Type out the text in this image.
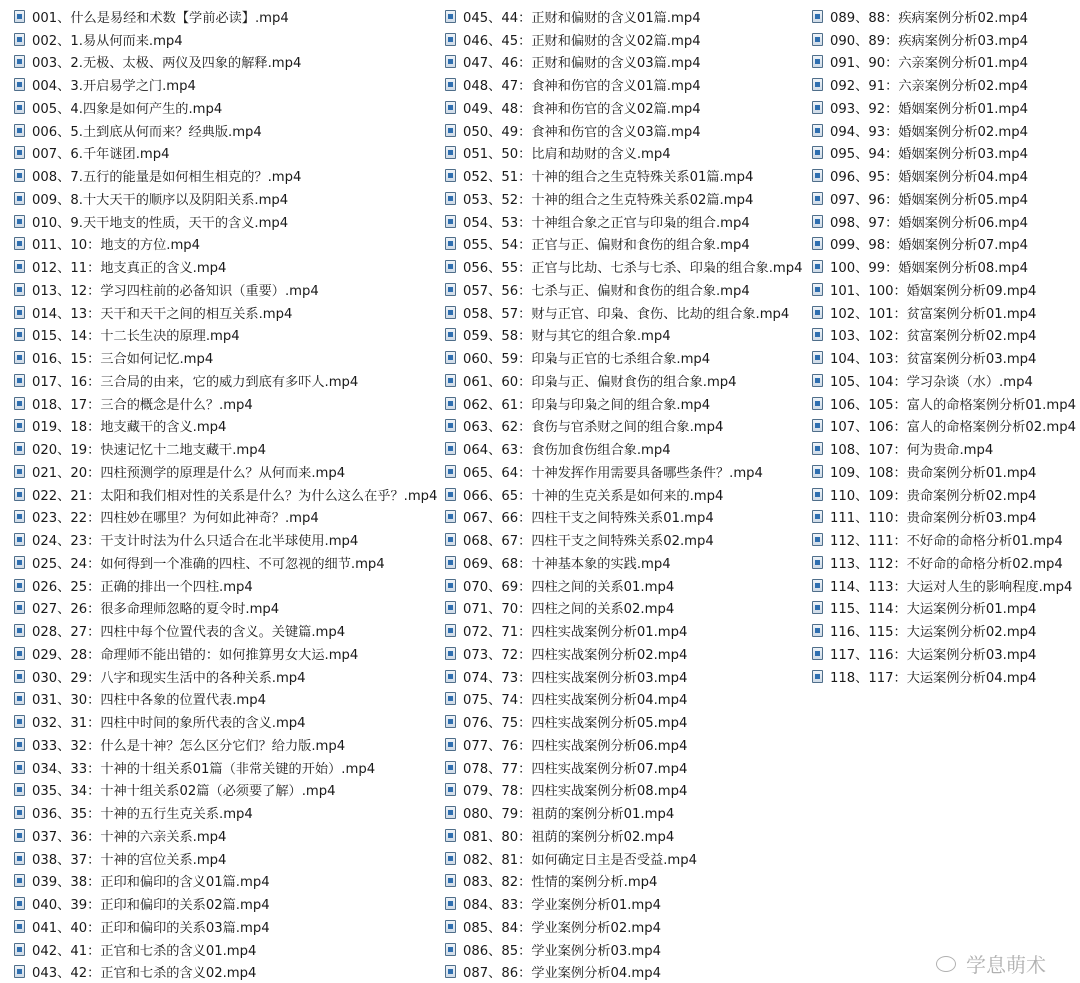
001、什么是易经和术数【学前必读】.mp4
002、1.易从何而来.mp4
003、2.无极、太极、两仪及四象的解释.mp4
004、3.开启易学之门.mp4
005、4.四象是如何产生的.mp4
006、5.土到底从何而来？经典版.mp4
007、6.千年谜团.mp4
008、7.五行的能量是如何相生相克的？.mp4
009、8.十大天干的顺序以及阴阳关系.mp4
010、9.天干地支的性质，天干的含义.mp4
011、10：地支的方位.mp4
012、11：地支真正的含义.mp4
013、12：学习四柱前的必备知识（重要）.mp4
014、13：天干和天干之间的相互关系.mp4
015、14：十二长生决的原理.mp4
016、15：三合如何记忆.mp4
017、16：三合局的由来，它的威力到底有多吓人.mp4
018、17：三合的概念是什么？.mp4
019、18：地支藏干的含义.mp4
020、19：快速记忆十二地支藏干.mp4
021、20：四柱预测学的原理是什么？从何而来.mp4
022、21：太阳和我们相对性的关系是什么？为什么这么在乎？.mp4
023、22：四柱妙在哪里？为何如此神奇？.mp4
024、23：干支计时法为什么只适合在北半球使用.mp4
025、24：如何得到一个准确的四柱、不可忽视的细节.mp4
026、25：正确的排出一个四柱.mp4
027、26：很多命理师忽略的夏令时.mp4
028、27：四柱中每个位置代表的含义。关键篇.mp4
029、28：命理师不能出错的：如何推算男女大运.mp4
030、29：八字和现实生活中的各种关系.mp4
031、30：四柱中各象的位置代表.mp4
032、31：四柱中时间的象所代表的含义.mp4
033、32：什么是十神？怎么区分它们？给力版.mp4
034、33：十神的十组关系01篇（非常关键的开始）.mp4
035、34：十神十组关系02篇（必须要了解）.mp4
036、35：十神的五行生克关系.mp4
037、36：十神的六亲关系.mp4
038、37：十神的宫位关系.mp4
039、38：正印和偏印的含义01篇.mp4
040、39：正印和偏印的关系02篇.mp4
041、40：正印和偏印的关系03篇.mp4
042、41：正官和七杀的含义01.mp4
043、42：正官和七杀的含义02.mp4
045、44：正财和偏财的含义01篇.mp4
046、45：正财和偏财的含义02篇.mp4
047、46：正财和偏财的含义03篇.mp4
048、47：食神和伤官的含义01篇.mp4
049、48：食神和伤官的含义02篇.mp4
050、49：食神和伤官的含义03篇.mp4
051、50：比肩和劫财的含义.mp4
052、51：十神的组合之生克特殊关系01篇.mp4
053、52：十神的组合之生克特殊关系02篇.mp4
054、53：十神组合象之正官与印枭的组合.mp4
055、54：正官与正、偏财和食伤的组合象.mp4
056、55：正官与比劫、七杀与七杀、印枭的组合象.mp4
057、56：七杀与正、偏财和食伤的组合象.mp4
058、57：财与正官、印枭、食伤、比劫的组合象.mp4
059、58：财与其它的组合象.mp4
060、59：印枭与正官的七杀组合象.mp4
061、60：印枭与正、偏财食伤的组合象.mp4
062、61：印枭与印枭之间的组合象.mp4
063、62：食伤与官杀财之间的组合象.mp4
064、63：食伤加食伤组合象.mp4
065、64：十神发挥作用需要具备哪些条件？.mp4
066、65：十神的生克关系是如何来的.mp4
067、66：四柱干支之间特殊关系01.mp4
068、67：四柱干支之间特殊关系02.mp4
069、68：十神基本象的实践.mp4
070、69：四柱之间的关系01.mp4
071、70：四柱之间的关系02.mp4
072、71：四柱实战案例分析01.mp4
073、72：四柱实战案例分析02.mp4
074、73：四柱实战案例分析03.mp4
075、74：四柱实战案例分析04.mp4
076、75：四柱实战案例分析05.mp4
077、76：四柱实战案例分析06.mp4
078、77：四柱实战案例分析07.mp4
079、78：四柱实战案例分析08.mp4
080、79：祖荫的案例分析01.mp4
081、80：祖荫的案例分析02.mp4
082、81：如何确定日主是否受益.mp4
083、82：性情的案例分析.mp4
084、83：学业案例分析01.mp4
085、84：学业案例分析02.mp4
086、85：学业案例分析03.mp4
087、86：学业案例分析04.mp4
089、88：疾病案例分析02.mp4
090、89：疾病案例分析03.mp4
091、90：六亲案例分析01.mp4
092、91：六亲案例分析02.mp4
093、92：婚姻案例分析01.mp4
094、93：婚姻案例分析02.mp4
095、94：婚姻案例分析03.mp4
096、95：婚姻案例分析04.mp4
097、96：婚姻案例分析05.mp4
098、97：婚姻案例分析06.mp4
099、98：婚姻案例分析07.mp4
100、99：婚姻案例分析08.mp4
101、100：婚姻案例分析09.mp4
102、101：贫富案例分析01.mp4
103、102：贫富案例分析02.mp4
104、103：贫富案例分析03.mp4
105、104：学习杂谈（水）.mp4
106、105：富人的命格案例分析01.mp4
107、106：富人的命格案例分析02.mp4
108、107：何为贵命.mp4
109、108：贵命案例分析01.mp4
110、109：贵命案例分析02.mp4
111、110：贵命案例分析03.mp4
112、111：不好命的命格分析01.mp4
113、112：不好命的命格分析02.mp4
114、113：大运对人生的影响程度.mp4
115、114：大运案例分析01.mp4
116、115：大运案例分析02.mp4
117、116：大运案例分析03.mp4
118、117：大运案例分析04.mp4
学息萌术
